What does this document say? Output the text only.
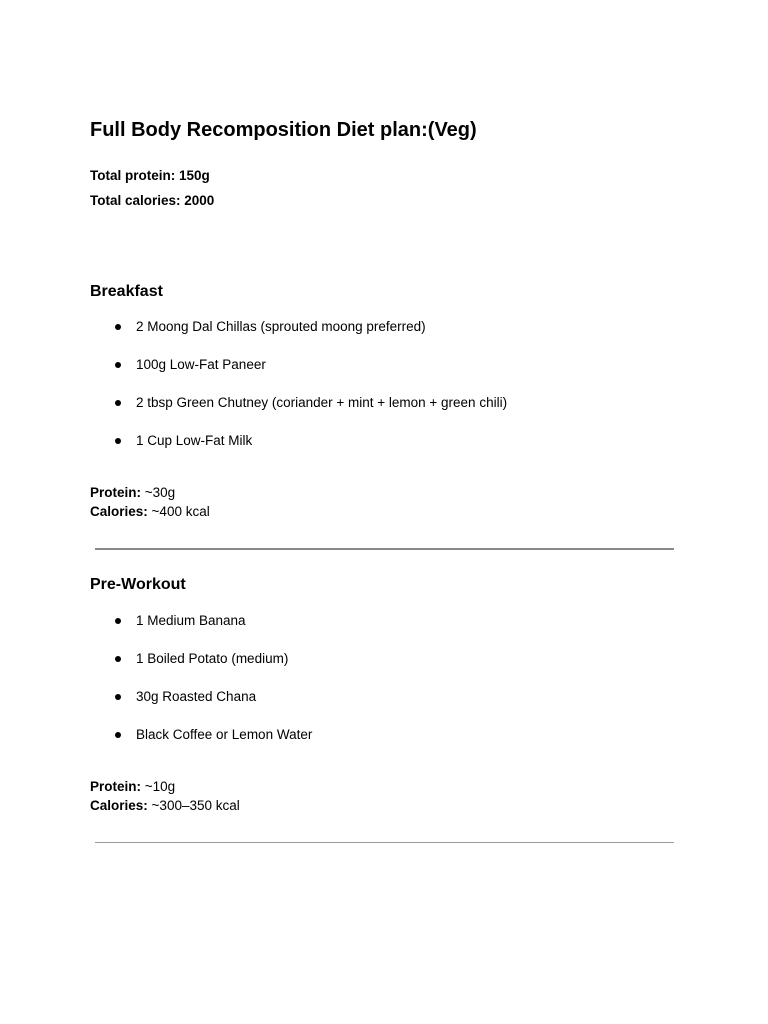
Full Body Recomposition Diet plan:(Veg)

Total protein: 150g

Total calories: 2000

Breakfast
2 Moong Dal Chillas (sprouted moong preferred)
100g Low-Fat Paneer
2 tbsp Green Chutney (coriander + mint + lemon + green chili)
1 Cup Low-Fat Milk

Protein: ~30g

Calories: ~400 kcal

Pre-Workout
1 Medium Banana
1 Boiled Potato (medium)
30g Roasted Chana
Black Coffee or Lemon Water

Protein: ~10g

Calories: ~300–350 kcal
